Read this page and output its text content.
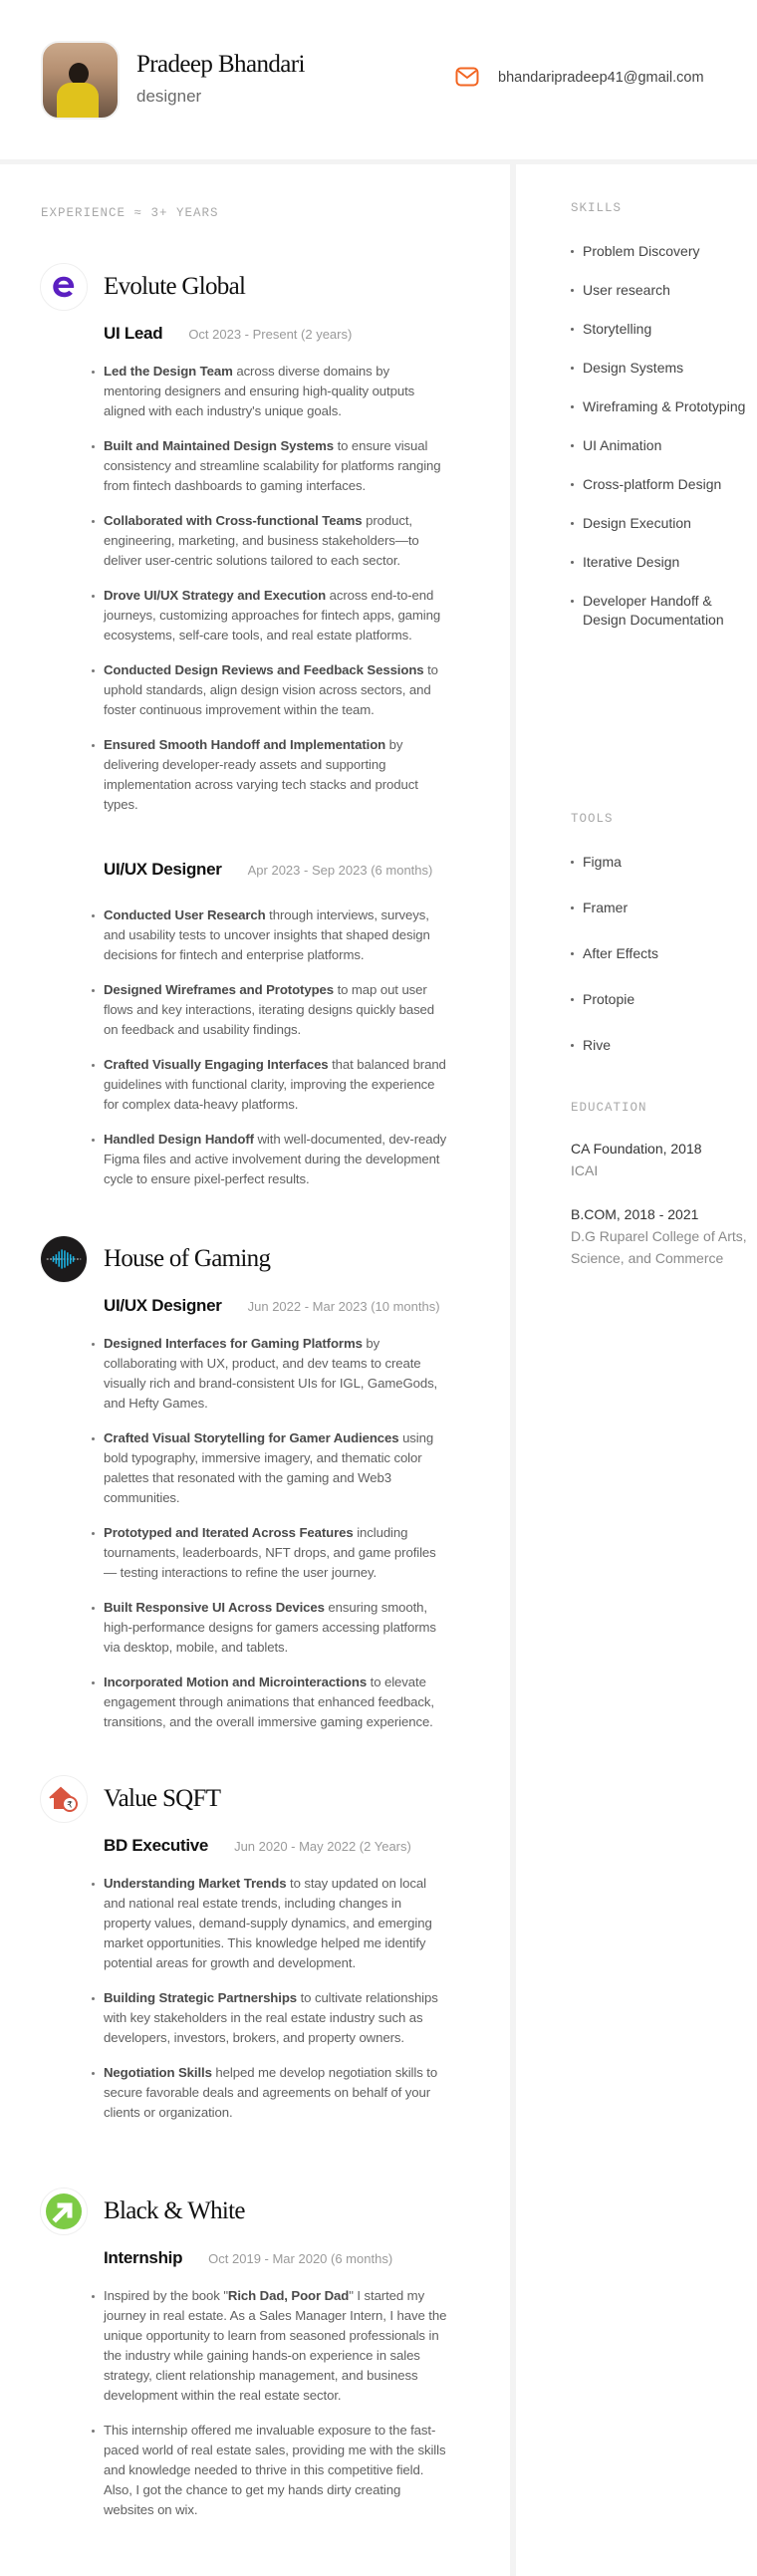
Pradeep Bhandari
designer
bhandaripradeep41@gmail.com
EXPERIENCE ≈ 3+ YEARS
Evolute Global
UI Lead Oct 2023 - Present (2 years)
Led the Design Team across diverse domains by mentoring designers and ensuring high-quality outputs aligned with each industry's unique goals.
Built and Maintained Design Systems to ensure visual consistency and streamline scalability for platforms ranging from fintech dashboards to gaming interfaces.
Collaborated with Cross-functional Teams product, engineering, marketing, and business stakeholders—to deliver user-centric solutions tailored to each sector.
Drove UI/UX Strategy and Execution across end-to-end journeys, customizing approaches for fintech apps, gaming ecosystems, self-care tools, and real estate platforms.
Conducted Design Reviews and Feedback Sessions to uphold standards, align design vision across sectors, and foster continuous improvement within the team.
Ensured Smooth Handoff and Implementation by delivering developer-ready assets and supporting implementation across varying tech stacks and product types.
UI/UX Designer Apr 2023 - Sep 2023 (6 months)
Conducted User Research through interviews, surveys, and usability tests to uncover insights that shaped design decisions for fintech and enterprise platforms.
Designed Wireframes and Prototypes to map out user flows and key interactions, iterating designs quickly based on feedback and usability findings.
Crafted Visually Engaging Interfaces that balanced brand guidelines with functional clarity, improving the experience for complex data-heavy platforms.
Handled Design Handoff with well-documented, dev-ready Figma files and active involvement during the development cycle to ensure pixel-perfect results.
House of Gaming
UI/UX Designer Jun 2022 - Mar 2023 (10 months)
Designed Interfaces for Gaming Platforms by collaborating with UX, product, and dev teams to create visually rich and brand-consistent UIs for IGL, GameGods, and Hefty Games.
Crafted Visual Storytelling for Gamer Audiences using bold typography, immersive imagery, and thematic color palettes that resonated with the gaming and Web3 communities.
Prototyped and Iterated Across Features including tournaments, leaderboards, NFT drops, and game profiles — testing interactions to refine the user journey.
Built Responsive UI Across Devices ensuring smooth, high-performance designs for gamers accessing platforms via desktop, mobile, and tablets.
Incorporated Motion and Microinteractions to elevate engagement through animations that enhanced feedback, transitions, and the overall immersive gaming experience.
₹ Value SQFT
BD Executive Jun 2020 - May 2022 (2 Years)
Understanding Market Trends to stay updated on local and national real estate trends, including changes in property values, demand-supply dynamics, and emerging market opportunities. This knowledge helped me identify potential areas for growth and development.
Building Strategic Partnerships to cultivate relationships with key stakeholders in the real estate industry such as developers, investors, brokers, and property owners.
Negotiation Skills helped me develop negotiation skills to secure favorable deals and agreements on behalf of your clients or organization.
Black & White
Internship Oct 2019 - Mar 2020 (6 months)
Inspired by the book "Rich Dad, Poor Dad" I started my journey in real estate. As a Sales Manager Intern, I have the unique opportunity to learn from seasoned professionals in the industry while gaining hands-on experience in sales strategy, client relationship management, and business development within the real estate sector.
This internship offered me invaluable exposure to the fast-paced world of real estate sales, providing me with the skills and knowledge needed to thrive in this competitive field. Also, I got the chance to get my hands dirty creating websites on wix.
SKILLS
Problem Discovery
User research
Storytelling
Design Systems
Wireframing & Prototyping
UI Animation
Cross-platform Design
Design Execution
Iterative Design
Developer Handoff & Design Documentation
TOOLS
Figma
Framer
After Effects
Protopie
Rive
EDUCATION
CA Foundation, 2018
ICAI
B.COM, 2018 - 2021
D.G Ruparel College of Arts, Science, and Commerce
